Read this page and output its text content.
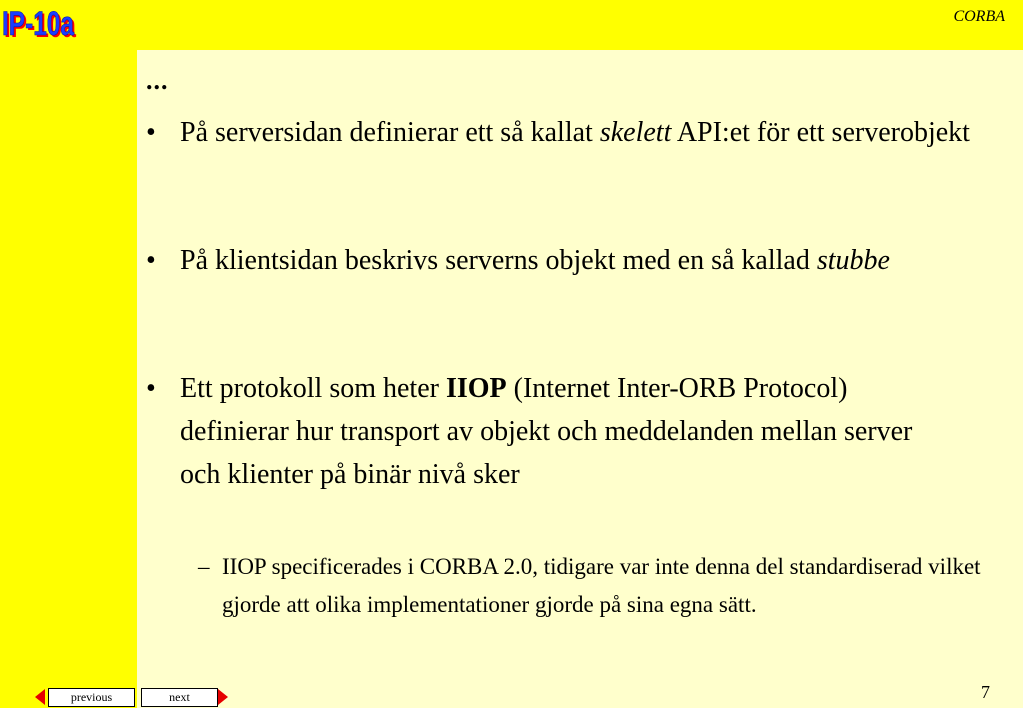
IP-10a
IP-10a	CORBA
...
• På serversidan definierar ett så kallat skelett API:et för ett serverobjekt
• På klientsidan beskrivs serverns objekt med en så kallad stubbe
• Ett protokoll som heter IIOP (Internet Inter-ORB Protocol) definierar hur transport av objekt och meddelanden mellan server och klienter på binär nivå sker
– IIOP specificerades i CORBA 2.0, tidigare var inte denna del standardiserad vilket gjorde att olika implementationer gjorde på sina egna sätt.
previous	next	7
